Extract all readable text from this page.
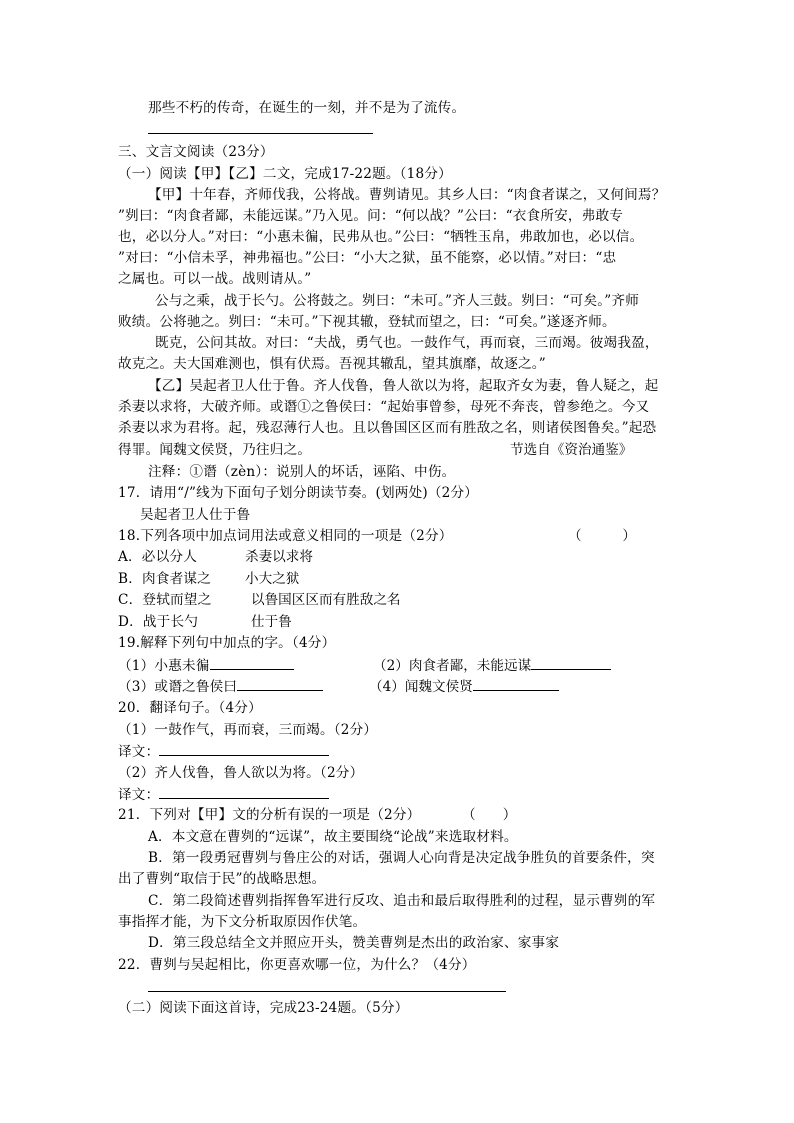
那些不朽的传奇，在诞生的一刻，并不是为了流传。
三、文言文阅读（23分）
（一）阅读【甲】【乙】二文，完成17-22题。（18分）
【甲】十年春，齐师伐我，公将战。曹刿请见。其乡人曰：“肉食者谋之，又何间焉？
”刿曰：“肉食者鄙，未能远谋。”乃入见。问：“何以战？”公曰：“衣食所安，弗敢专
也，必以分人。”对曰：“小惠未徧，民弗从也。”公曰：“牺牲玉帛，弗敢加也，必以信。
”对曰：“小信未孚，神弗福也。”公曰：“小大之狱，虽不能察，必以情。”对曰：“忠
之属也。可以一战。战则请从。”
公与之乘，战于长勺。公将鼓之。刿曰：“未可。”齐人三鼓。刿曰：“可矣。”齐师
败绩。公将驰之。刿曰：“未可。”下视其辙，登轼而望之，曰：“可矣。”遂逐齐师。
既克，公问其故。对曰：“夫战，勇气也。一鼓作气，再而衰，三而竭。彼竭我盈，
故克之。夫大国难测也，惧有伏焉。吾视其辙乱，望其旗靡，故逐之。”
【乙】吴起者卫人仕于鲁。齐人伐鲁，鲁人欲以为将，起取齐女为妻，鲁人疑之，起
杀妻以求将，大破齐师。或谮①之鲁侯曰：“起始事曾参，母死不奔丧，曾参绝之。今又
杀妻以求为君将。起，残忍薄行人也。且以鲁国区区而有胜敌之名，则诸侯图鲁矣。”起恐
得罪。闻魏文侯贤，乃往归之。	节选自《资治通鉴》
注释：①谮（zèn）：说别人的坏话，诬陷、中伤。
17．请用“/”线为下面句子划分朗读节奏。(划两处)（2分）
吴起者卫人仕于鲁
18.下列各项中加点词用法或意义相同的一项是（2分）	（　　　）
A．必以分人	杀妻以求将
B．肉食者谋之	小大之狱
C．登轼而望之	以鲁国区区而有胜敌之名
D．战于长勺	仕于鲁
19.解释下列句中加点的字。（4分）
（1）小惠未徧	（2）肉食者鄙，未能远谋
（3）或谮之鲁侯曰	（4）闻魏文侯贤
20．翻译句子。（4分）
（1）一鼓作气，再而衰，三而竭。（2分）
译文：
（2）齐人伐鲁，鲁人欲以为将。（2分）
译文：
21．下列对【甲】文的分析有误的一项是（2分）	（　　）
A．本文意在曹刿的“远谋”，故主要围绕“论战”来选取材料。
B．第一段勇冠曹刿与鲁庄公的对话，强调人心向背是决定战争胜负的首要条件，突
出了曹刿“取信于民”的战略思想。
C．第二段简述曹刿指挥鲁军进行反攻、追击和最后取得胜利的过程，显示曹刿的军
事指挥才能，为下文分析取原因作伏笔。
D．第三段总结全文并照应开头，赞美曹刿是杰出的政治家、家事家
22．曹刿与吴起相比，你更喜欢哪一位，为什么？（4分）
（二）阅读下面这首诗，完成23-24题。（5分）
